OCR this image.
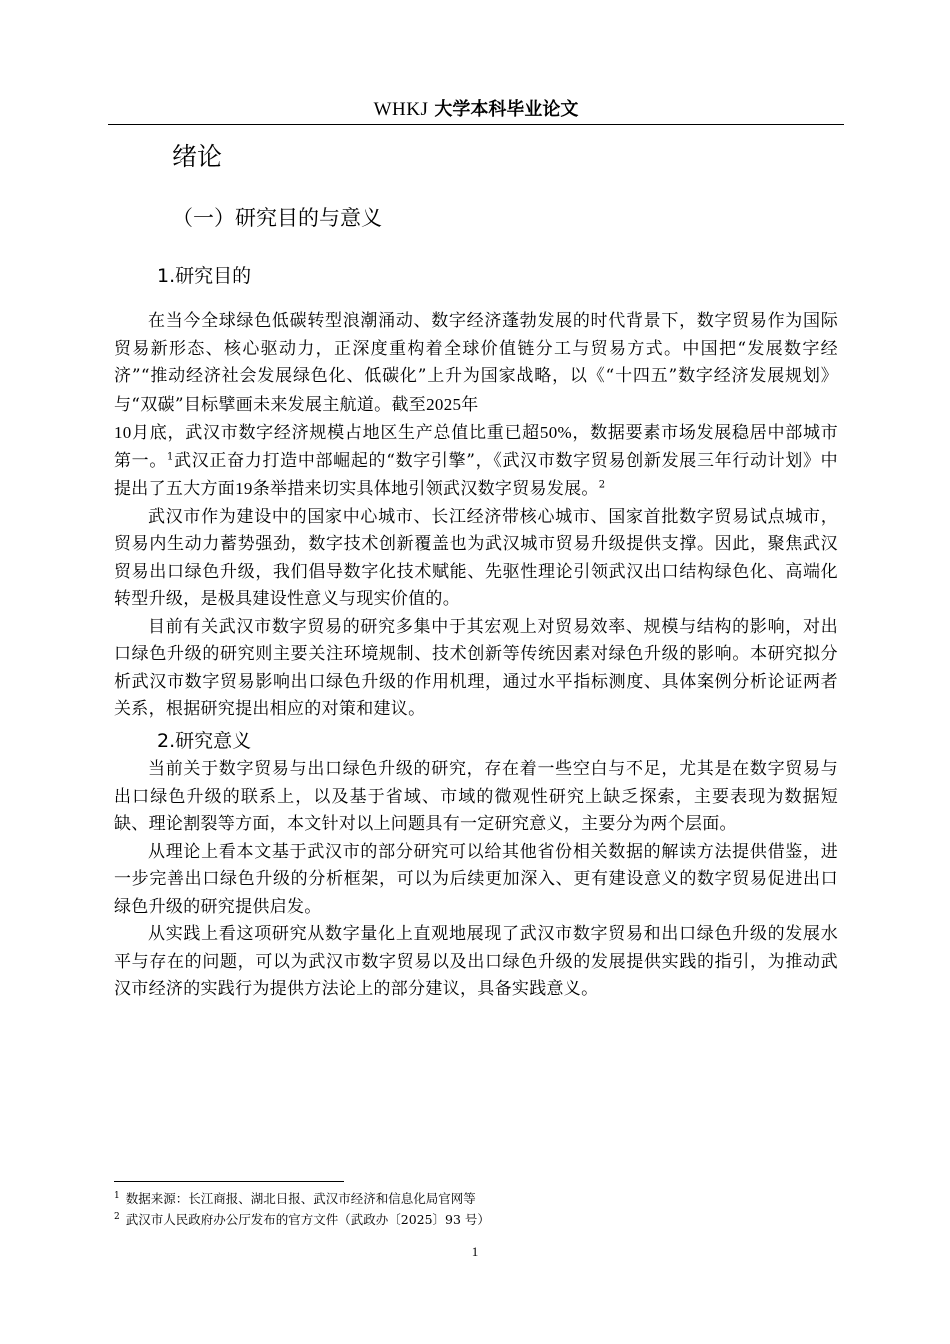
WHKJ 大学本科毕业论文
绪论
（一）研究目的与意义
1.研究目的

在当今全球绿色低碳转型浪潮涌动、数字经济蓬勃发展的时代背景下，数字贸易作为国际贸易新形态、核心驱动力，正深度重构着全球价值链分工与贸易方式。中国把“发展数字经济”“推动经济社会发展绿色化、低碳化”上升为国家战略，以《“十四五”数字经济发展规划》与“双碳”目标擘画未来发展主航道。截至2025年
10月底，武汉市数字经济规模占地区生产总值比重已超50%，数据要素市场发展稳居中部城市第一。$^1$武汉正奋力打造中部崛起的“数字引擎”，《武汉市数字贸易创新发展三年行动计划》中提出了五大方面19条举措来切实具体地引领武汉数字贸易发展。$^2$

武汉市作为建设中的国家中心城市、长江经济带核心城市、国家首批数字贸易试点城市，贸易内生动力蓄势强劲，数字技术创新覆盖也为武汉城市贸易升级提供支撑。因此，聚焦武汉贸易出口绿色升级，我们倡导数字化技术赋能、先驱性理论引领武汉出口结构绿色化、高端化转型升级，是极具建设性意义与现实价值的。

目前有关武汉市数字贸易的研究多集中于其宏观上对贸易效率、规模与结构的影响，对出口绿色升级的研究则主要关注环境规制、技术创新等传统因素对绿色升级的影响。本研究拟分析武汉市数字贸易影响出口绿色升级的作用机理，通过水平指标测度、具体案例分析论证两者关系，根据研究提出相应的对策和建议。

2.研究意义

当前关于数字贸易与出口绿色升级的研究，存在着一些空白与不足，尤其是在数字贸易与出口绿色升级的联系上，以及基于省域、市域的微观性研究上缺乏探索，主要表现为数据短缺、理论割裂等方面，本文针对以上问题具有一定研究意义，主要分为两个层面。

从理论上看本文基于武汉市的部分研究可以给其他省份相关数据的解读方法提供借鉴，进一步完善出口绿色升级的分析框架，可以为后续更加深入、更有建设意义的数字贸易促进出口绿色升级的研究提供启发。

从实践上看这项研究从数字量化上直观地展现了武汉市数字贸易和出口绿色升级的发展水平与存在的问题，可以为武汉市数字贸易以及出口绿色升级的发展提供实践的指引，为推动武汉市经济的实践行为提供方法论上的部分建议，具备实践意义。

$^1$ 数据来源：长江商报、湖北日报、武汉市经济和信息化局官网等

$^2$ 武汉市人民政府办公厅发布的官方文件（武政办〔2025〕93 号）

1
